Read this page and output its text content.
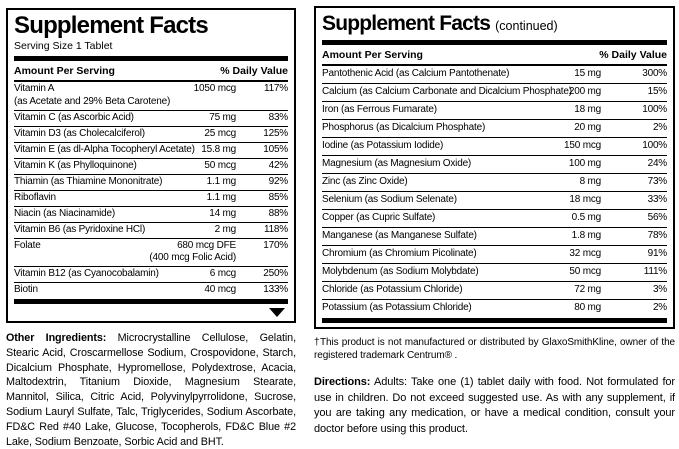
Supplement Facts
Serving Size 1 Tablet
Amount Per Serving	% Daily Value
Vitamin A	1050 mcg	117%
(as Acetate and 29% Beta Carotene)
Vitamin C (as Ascorbic Acid)	75 mg	83%
Vitamin D3 (as Cholecalciferol)	25 mcg	125%
Vitamin E (as dl-Alpha Tocopheryl Acetate) 15.8 mg	105%
Vitamin K (as Phylloquinone)	50 mcg	42%
Thiamin (as Thiamine Mononitrate)	1.1 mg	92%
Riboflavin	1.1 mg	85%
Niacin (as Niacinamide)	14 mg	88%
Vitamin B6 (as Pyridoxine HCl)	2 mg	118%
Folate	680 mcg DFE	170%
(400 mcg Folic Acid)
Vitamin B12 (as Cyanocobalamin)	6 mcg	250%
Biotin	40 mcg	133%

Other Ingredients: Microcrystalline Cellulose, Gelatin, Stearic Acid, Croscarmellose Sodium, Crospovidone, Starch, Dicalcium Phosphate, Hypromellose, Polydextrose, Acacia, Maltodextrin, Titanium Dioxide, Magnesium Stearate, Mannitol, Silica, Citric Acid, Polyvinylpyrrolidone, Sucrose, Sodium Lauryl Sulfate, Talc, Triglycerides, Sodium Ascorbate, FD&C Red #40 Lake, Glucose, Tocopherols, FD&C Blue #2 Lake, Sodium Benzoate, Sorbic Acid and BHT.

Supplement Facts (continued)
Amount Per Serving	% Daily Value
Pantothenic Acid (as Calcium Pantothenate)	15 mg	300%
Calcium (as Calcium Carbonate and Dicalcium Phosphate)
200 mg	15%
Iron (as Ferrous Fumarate)	18 mg	100%
Phosphorus (as Dicalcium Phosphate)	20 mg	2%
Iodine (as Potassium Iodide)	150 mcg	100%
Magnesium (as Magnesium Oxide)	100 mg	24%
Zinc (as Zinc Oxide)	8 mg	73%
Selenium (as Sodium Selenate)	18 mcg	33%
Copper (as Cupric Sulfate)	0.5 mg	56%
Manganese (as Manganese Sulfate)	1.8 mg	78%
Chromium (as Chromium Picolinate)	32 mcg	91%
Molybdenum (as Sodium Molybdate)	50 mcg	111%
Chloride (as Potassium Chloride)	72 mg	3%
Potassium (as Potassium Chloride)	80 mg	2%

†This product is not manufactured or distributed by GlaxoSmithKline, owner of the registered trademark Centrum® .

Directions: Adults: Take one (1) tablet daily with food. Not formulated for use in children. Do not exceed suggested use. As with any supplement, if you are taking any medication, or have a medical condition, consult your doctor before using this product.
